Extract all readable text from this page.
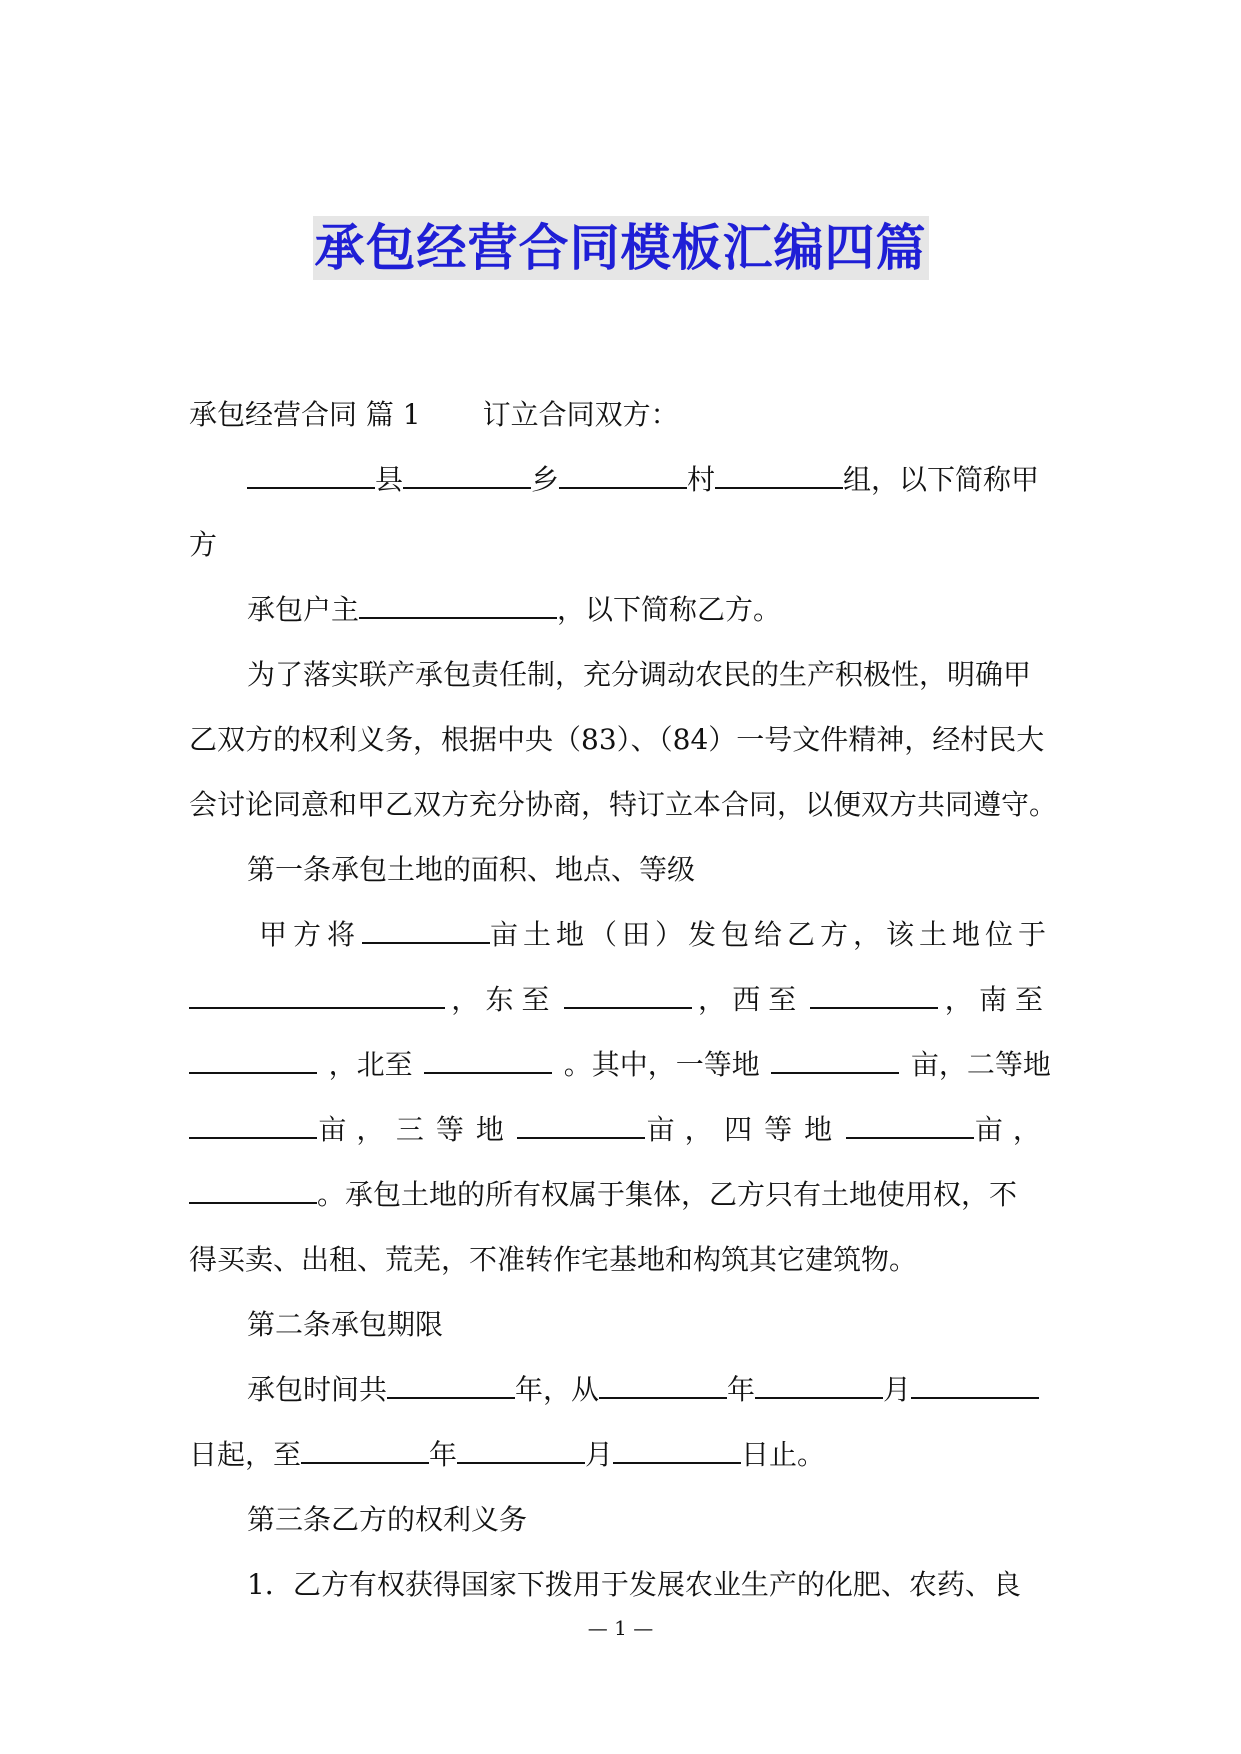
承包经营合同模板汇编四篇
承包经营合同 篇 1 订立合同双方：
县	乡	村	组，以下简称甲
方
承包户主	，以下简称乙方。
为了落实联产承包责任制，充分调动农民的生产积极性，明确甲
乙双方的权利义务，根据中央（83）、（84）一号文件精神，经村民大
会讨论同意和甲乙双方充分协商，特订立本合同，以便双方共同遵守。
第一条承包土地的面积、地点、等级
甲方将	亩土地（田）发包给乙方，该土地位于
， 东至	， 西至	， 南至
，北至	。其中，一等地	亩，二等地
亩， 三等地	亩， 四等地	亩，
。承包土地的所有权属于集体，乙方只有土地使用权，不
得买卖、出租、荒芜，不准转作宅基地和构筑其它建筑物。
第二条承包期限
承包时间共	年，从	年	月
日起，至	年	月	日止。
第三条乙方的权利义务
1．乙方有权获得国家下拨用于发展农业生产的化肥、农药、良
— 1 —
